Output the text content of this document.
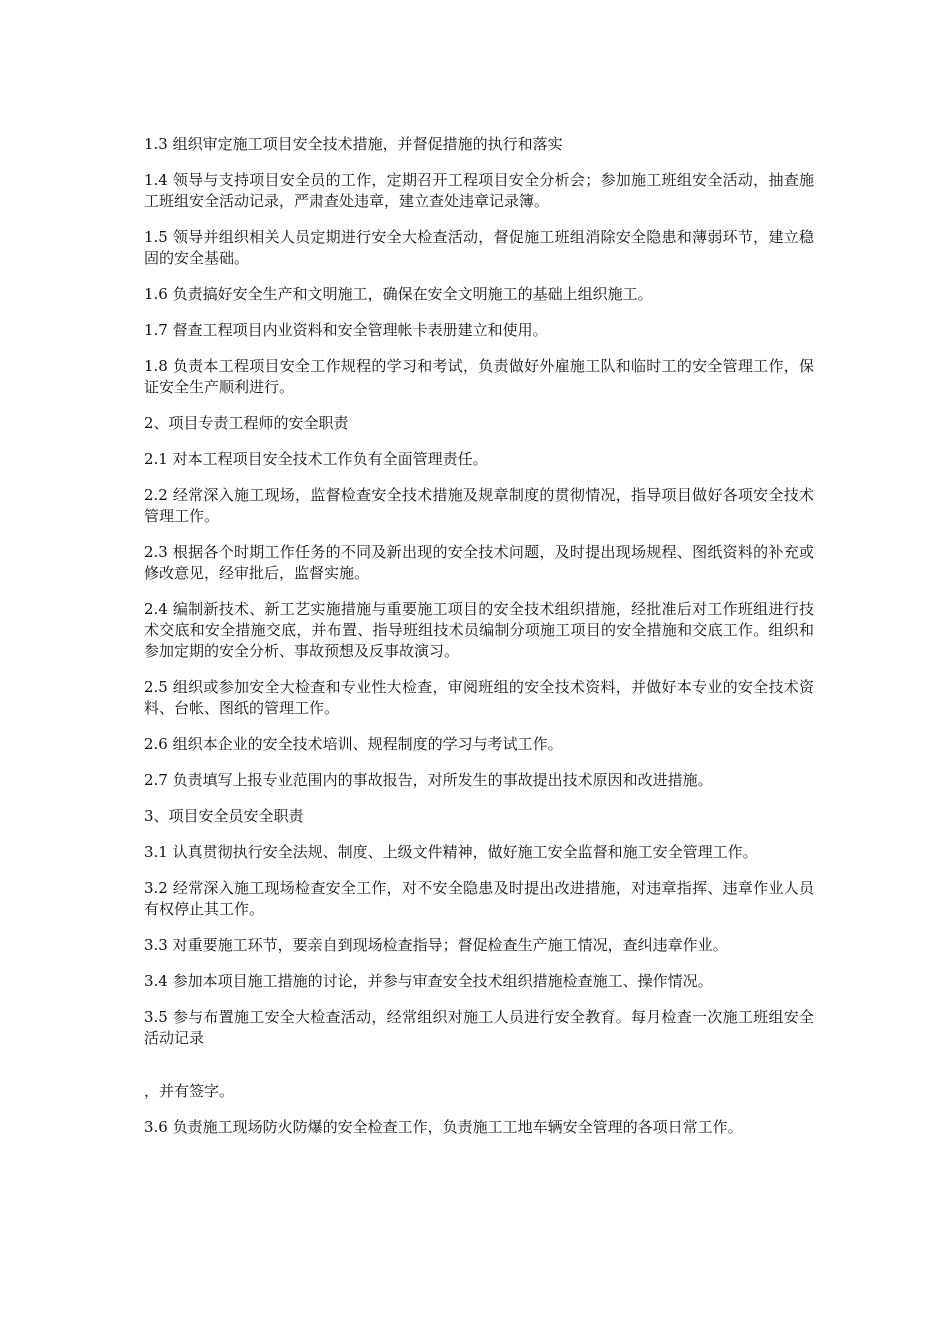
1.3 组织审定施工项目安全技术措施，并督促措施的执行和落实

1.4 领导与支持项目安全员的工作，定期召开工程项目安全分析会；参加施工班组安全活动，抽查施工班组安全活动记录，严肃查处违章，建立查处违章记录簿。

1.5 领导并组织相关人员定期进行安全大检查活动，督促施工班组消除安全隐患和薄弱环节，建立稳固的安全基础。

1.6 负责搞好安全生产和文明施工，确保在安全文明施工的基础上组织施工。

1.7 督查工程项目内业资料和安全管理帐卡表册建立和使用。

1.8 负责本工程项目安全工作规程的学习和考试，负责做好外雇施工队和临时工的安全管理工作，保证安全生产顺利进行。

2、项目专责工程师的安全职责

2.1 对本工程项目安全技术工作负有全面管理责任。

2.2 经常深入施工现场，监督检查安全技术措施及规章制度的贯彻情况，指导项目做好各项安全技术管理工作。

2.3 根据各个时期工作任务的不同及新出现的安全技术问题，及时提出现场规程、图纸资料的补充或修改意见，经审批后，监督实施。

2.4 编制新技术、新工艺实施措施与重要施工项目的安全技术组织措施，经批准后对工作班组进行技术交底和安全措施交底，并布置、指导班组技术员编制分项施工项目的安全措施和交底工作。组织和参加定期的安全分析、事故预想及反事故演习。

2.5 组织或参加安全大检查和专业性大检查，审阅班组的安全技术资料，并做好本专业的安全技术资料、台帐、图纸的管理工作。

2.6 组织本企业的安全技术培训、规程制度的学习与考试工作。

2.7 负责填写上报专业范围内的事故报告，对所发生的事故提出技术原因和改进措施。

3、项目安全员安全职责

3.1 认真贯彻执行安全法规、制度、上级文件精神，做好施工安全监督和施工安全管理工作。

3.2 经常深入施工现场检查安全工作，对不安全隐患及时提出改进措施，对违章指挥、违章作业人员有权停止其工作。

3.3 对重要施工环节，要亲自到现场检查指导；督促检查生产施工情况，查纠违章作业。

3.4 参加本项目施工措施的讨论，并参与审查安全技术组织措施检查施工、操作情况。

3.5 参与布置施工安全大检查活动，经常组织对施工人员进行安全教育。每月检查一次施工班组安全活动记录

，并有签字。

3.6 负责施工现场防火防爆的安全检查工作，负责施工工地车辆安全管理的各项日常工作。
